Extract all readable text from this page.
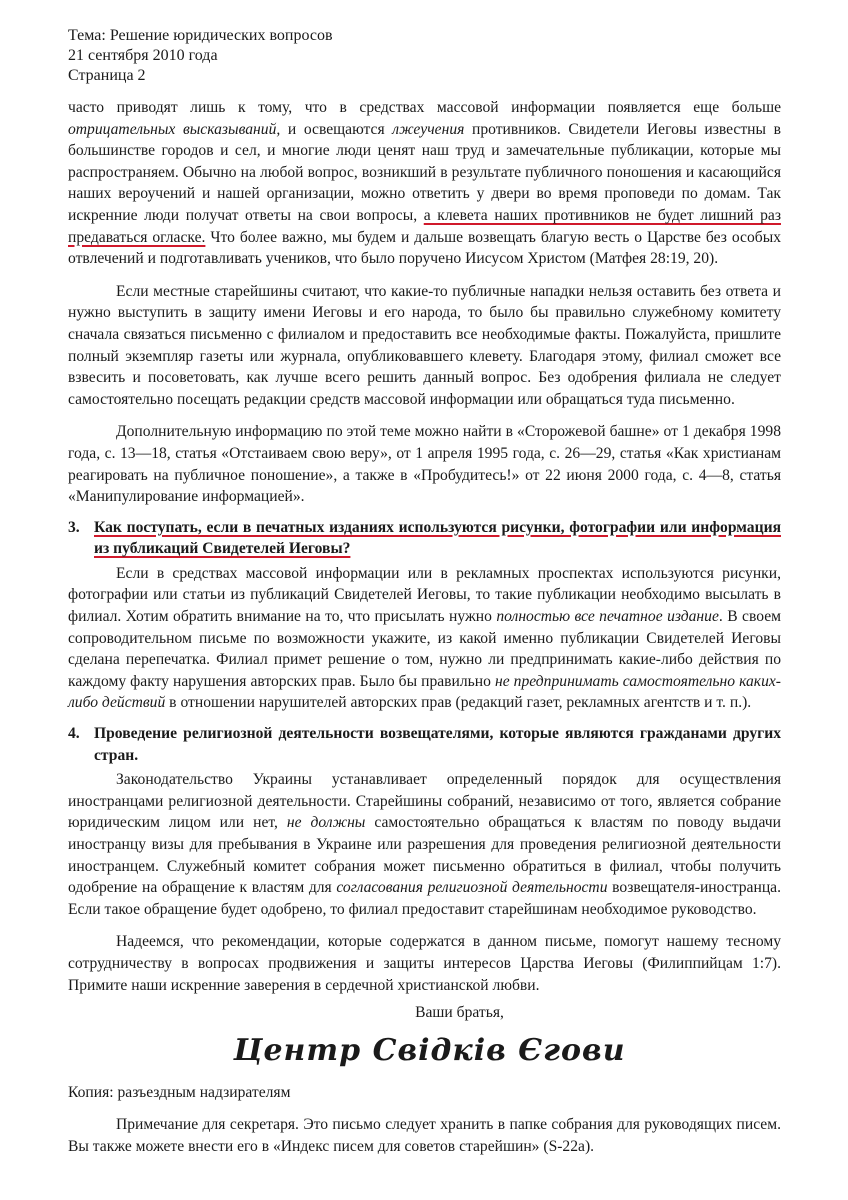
Тема: Решение юридических вопросов
21 сентября 2010 года
Страница 2

часто приводят лишь к тому, что в средствах массовой информации появляется еще больше отрицательных высказываний, и освещаются лжеучения противников. Свидетели Иеговы известны в большинстве городов и сел, и многие люди ценят наш труд и замечательные публикации, которые мы распространяем. Обычно на любой вопрос, возникший в результате публичного поношения и касающийся наших вероучений и нашей организации, можно ответить у двери во время проповеди по домам. Так искренние люди получат ответы на свои вопросы, а клевета наших противников не будет лишний раз предаваться огласке. Что более важно, мы будем и дальше возвещать благую весть о Царстве без особых отвлечений и подготавливать учеников, что было поручено Иисусом Христом (Матфея 28:19, 20).

Если местные старейшины считают, что какие-то публичные нападки нельзя оставить без ответа и нужно выступить в защиту имени Иеговы и его народа, то было бы правильно служебному комитету сначала связаться письменно с филиалом и предоставить все необходимые факты. Пожалуйста, пришлите полный экземпляр газеты или журнала, опубликовавшего клевету. Благодаря этому, филиал сможет все взвесить и посоветовать, как лучше всего решить данный вопрос. Без одобрения филиала не следует самостоятельно посещать редакции средств массовой информации или обращаться туда письменно.

Дополнительную информацию по этой теме можно найти в «Сторожевой башне» от 1 декабря 1998 года, с. 13—18, статья «Отстаиваем свою веру», от 1 апреля 1995 года, с. 26—29, статья «Как христианам реагировать на публичное поношение», а также в «Пробудитесь!» от 22 июня 2000 года, с. 4—8, статья «Манипулирование информацией».

3. Как поступать, если в печатных изданиях используются рисунки, фотографии или информация из публикаций Свидетелей Иеговы?

Если в средствах массовой информации или в рекламных проспектах используются рисунки, фотографии или статьи из публикаций Свидетелей Иеговы, то такие публикации необходимо высылать в филиал. Хотим обратить внимание на то, что присылать нужно полностью все печатное издание. В своем сопроводительном письме по возможности укажите, из какой именно публикации Свидетелей Иеговы сделана перепечатка. Филиал примет решение о том, нужно ли предпринимать какие-либо действия по каждому факту нарушения авторских прав. Было бы правильно не предпринимать самостоятельно каких-либо действий в отношении нарушителей авторских прав (редакций газет, рекламных агентств и т. п.).

4. Проведение религиозной деятельности возвещателями, которые являются гражданами других стран.

Законодательство Украины устанавливает определенный порядок для осуществления иностранцами религиозной деятельности. Старейшины собраний, независимо от того, является собрание юридическим лицом или нет, не должны самостоятельно обращаться к властям по поводу выдачи иностранцу визы для пребывания в Украине или разрешения для проведения религиозной деятельности иностранцем. Служебный комитет собрания может письменно обратиться в филиал, чтобы получить одобрение на обращение к властям для согласования религиозной деятельности возвещателя-иностранца. Если такое обращение будет одобрено, то филиал предоставит старейшинам необходимое руководство.

Надеемся, что рекомендации, которые содержатся в данном письме, помогут нашему тесному сотрудничеству в вопросах продвижения и защиты интересов Царства Иеговы (Филиппийцам 1:7). Примите наши искренние заверения в сердечной христианской любви.

Ваши братья,
Центр Свідків Єгови
Копия: разъездным надзирателям

Примечание для секретаря. Это письмо следует хранить в папке собрания для руководящих писем. Вы также можете внести его в «Индекс писем для советов старейшин» (S-22a).
